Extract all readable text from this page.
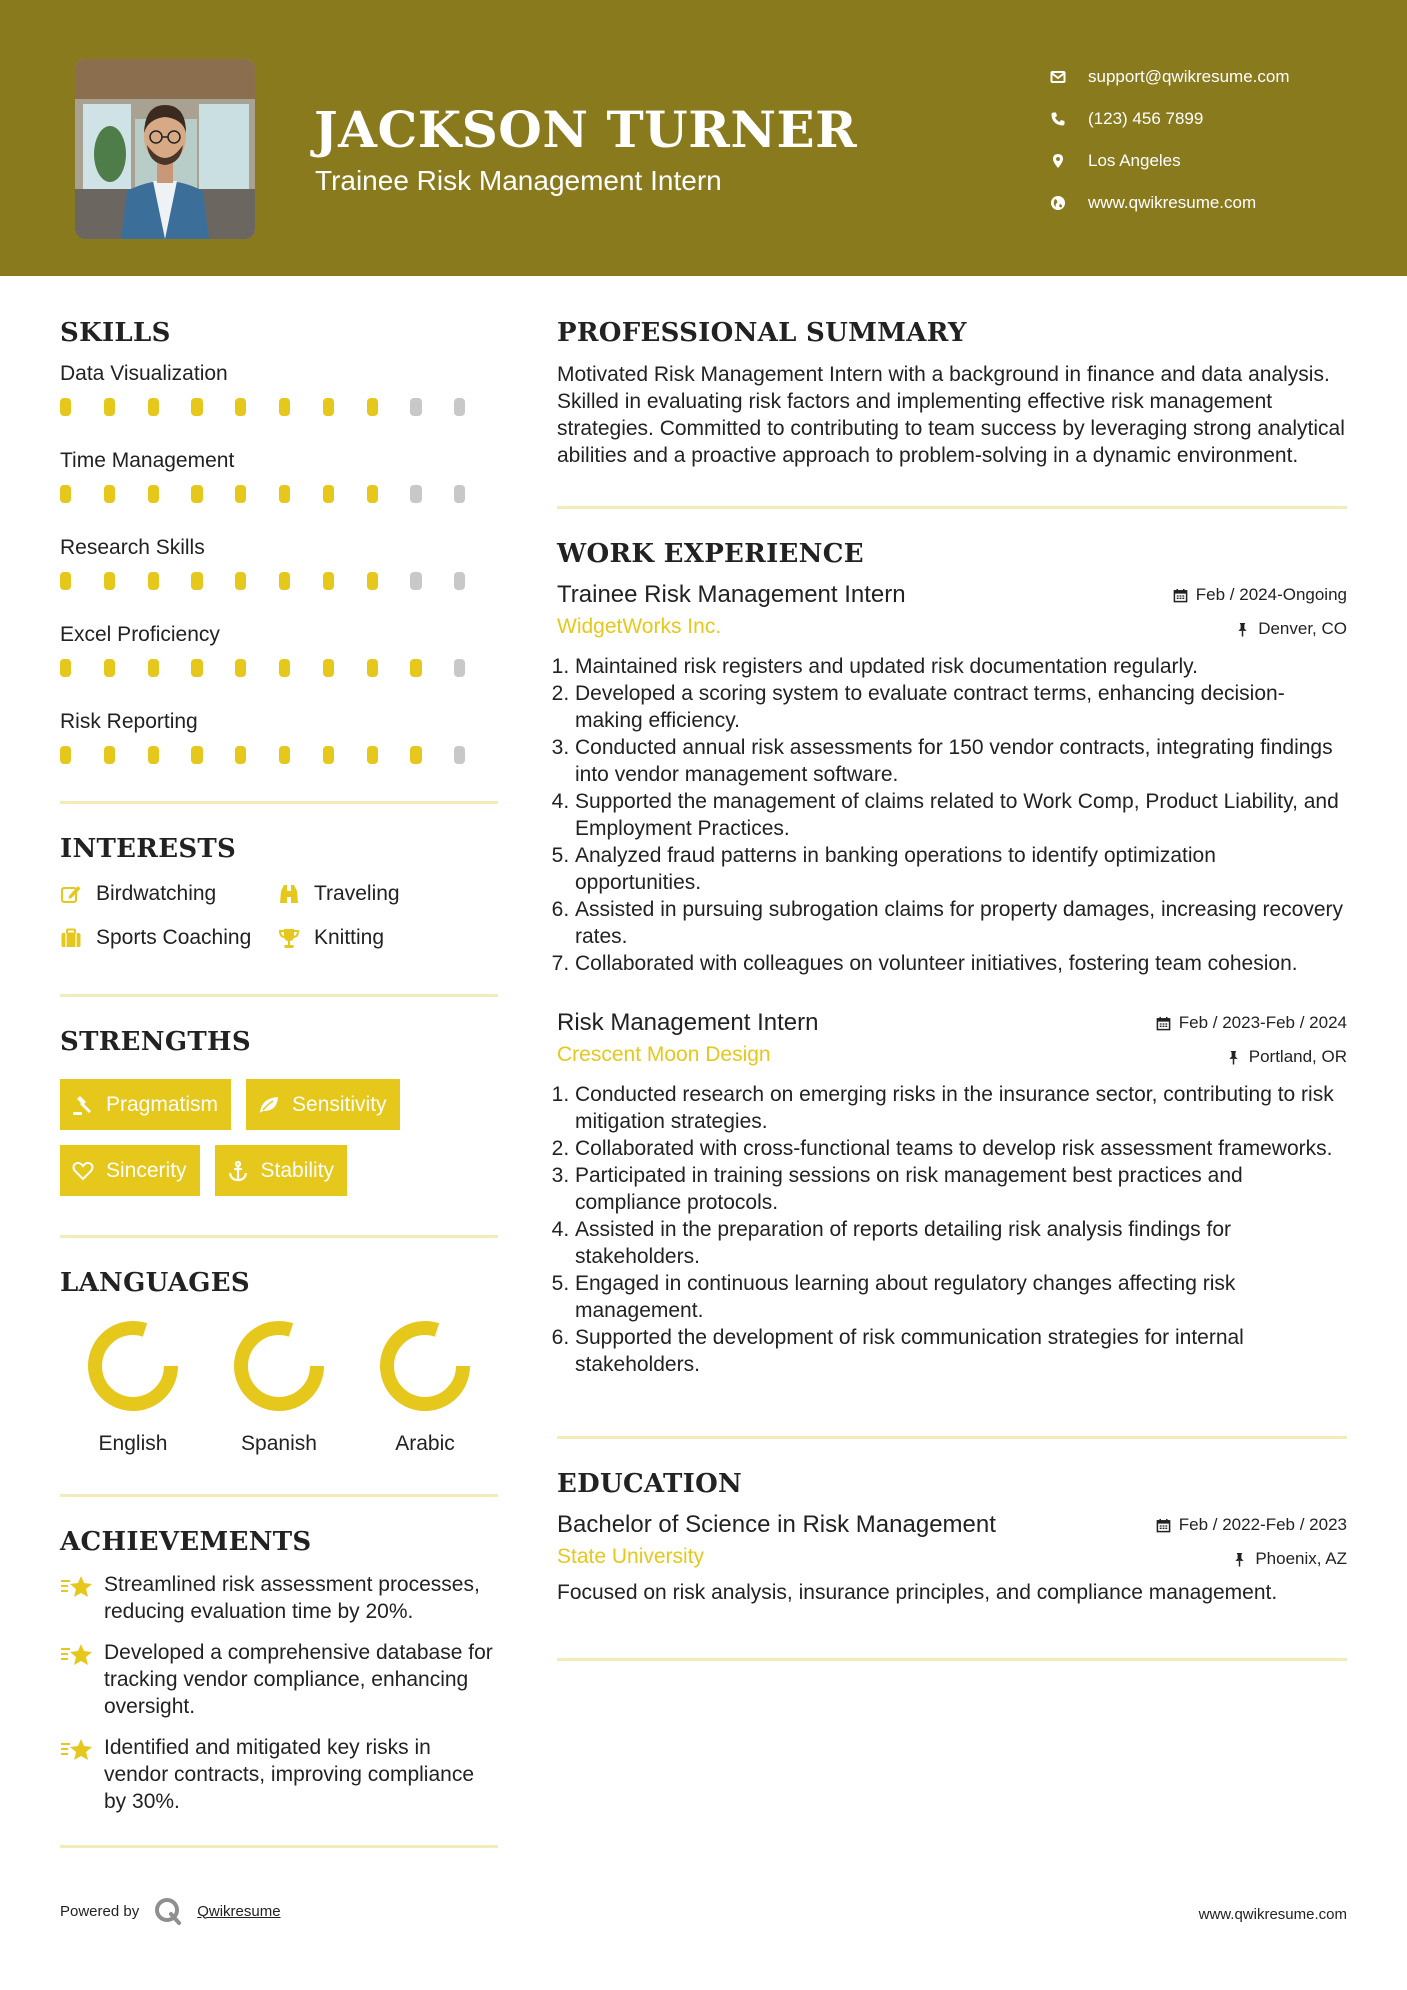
JACKSON TURNER
Trainee Risk Management Intern
support@qwikresume.com
(123) 456 7899
Los Angeles
www.qwikresume.com
SKILLS
Data Visualization
Time Management
Research Skills
Excel Proficiency
Risk Reporting
INTERESTS
Birdwatching	Traveling
Sports Coaching	Knitting
STRENGTHS
Pragmatism	Sensitivity
Sincerity	Stability
LANGUAGES
English	Spanish	Arabic
ACHIEVEMENTS
Streamlined risk assessment processes, reducing evaluation time by 20%.
Developed a comprehensive database for tracking vendor compliance, enhancing oversight.
Identified and mitigated key risks in vendor contracts, improving compliance by 30%.
PROFESSIONAL SUMMARY
Motivated Risk Management Intern with a background in finance and data analysis. Skilled in evaluating risk factors and implementing effective risk management strategies. Committed to contributing to team success by leveraging strong analytical abilities and a proactive approach to problem-solving in a dynamic environment.
WORK EXPERIENCE
Trainee Risk Management Intern	Feb / 2024-Ongoing
WidgetWorks Inc.	Denver, CO
1. Maintained risk registers and updated risk documentation regularly.
2. Developed a scoring system to evaluate contract terms, enhancing decision-making efficiency.
3. Conducted annual risk assessments for 150 vendor contracts, integrating findings into vendor management software.
4. Supported the management of claims related to Work Comp, Product Liability, and Employment Practices.
5. Analyzed fraud patterns in banking operations to identify optimization opportunities.
6. Assisted in pursuing subrogation claims for property damages, increasing recovery rates.
7. Collaborated with colleagues on volunteer initiatives, fostering team cohesion.
Risk Management Intern	Feb / 2023-Feb / 2024
Crescent Moon Design	Portland, OR
1. Conducted research on emerging risks in the insurance sector, contributing to risk mitigation strategies.
2. Collaborated with cross-functional teams to develop risk assessment frameworks.
3. Participated in training sessions on risk management best practices and compliance protocols.
4. Assisted in the preparation of reports detailing risk analysis findings for stakeholders.
5. Engaged in continuous learning about regulatory changes affecting risk management.
6. Supported the development of risk communication strategies for internal stakeholders.
EDUCATION
Bachelor of Science in Risk Management	Feb / 2022-Feb / 2023
State University	Phoenix, AZ
Focused on risk analysis, insurance principles, and compliance management.
Powered by	Qwikresume	www.qwikresume.com
